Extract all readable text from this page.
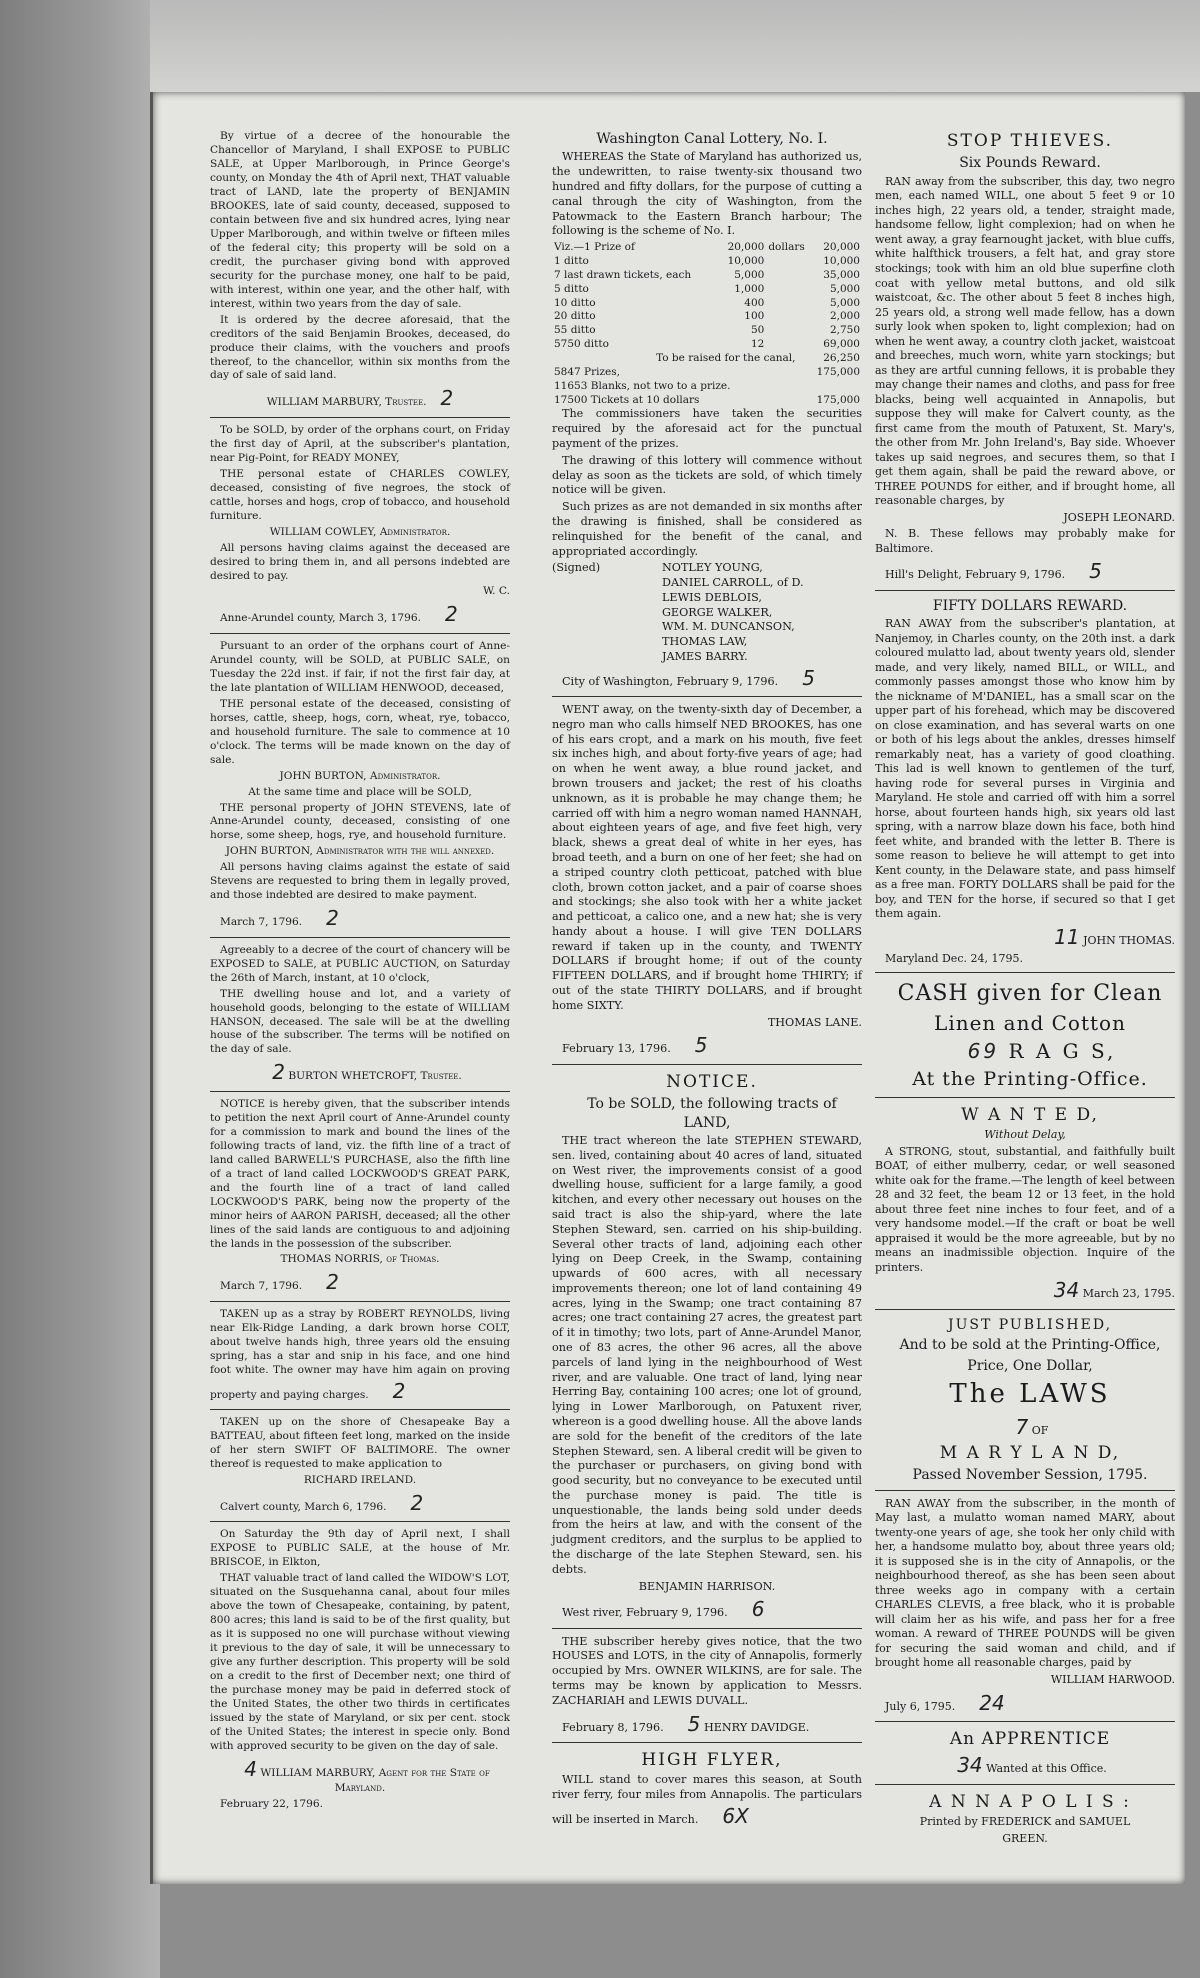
By virtue of a decree of the honourable the Chancellor of Maryland, I shall EXPOSE to PUBLIC SALE, at Upper Marlborough, in Prince George's county, on Monday the 4th of April next, THAT valuable tract of LAND, late the property of BENJAMIN BROOKES, late of said county, deceased, supposed to contain between five and six hundred acres, lying near Upper Marlborough, and within twelve or fifteen miles of the federal city; this property will be sold on a credit, the purchaser giving bond with approved security for the purchase money, one half to be paid, with interest, within one year, and the other half, with interest, within two years from the day of sale.

It is ordered by the decree aforesaid, that the creditors of the said Benjamin Brookes, deceased, do produce their claims, with the vouchers and proofs thereof, to the chancellor, within six months from the day of sale of said land.

WILLIAM MARBURY, Trustee. 2

To be SOLD, by order of the orphans court, on Friday the first day of April, at the subscriber's plantation, near Pig-Point, for READY MONEY,

THE personal estate of CHARLES COWLEY, deceased, consisting of five negroes, the stock of cattle, horses and hogs, crop of tobacco, and household furniture.

WILLIAM COWLEY, Administrator.

All persons having claims against the deceased are desired to bring them in, and all persons indebted are desired to pay.

W. C.

Anne-Arundel county, March 3, 1796. 2

Pursuant to an order of the orphans court of Anne-Arundel county, will be SOLD, at PUBLIC SALE, on Tuesday the 22d inst. if fair, if not the first fair day, at the late plantation of WILLIAM HENWOOD, deceased,

THE personal estate of the deceased, consisting of horses, cattle, sheep, hogs, corn, wheat, rye, tobacco, and household furniture. The sale to commence at 10 o'clock. The terms will be made known on the day of sale.

JOHN BURTON, Administrator.

At the same time and place will be SOLD,

THE personal property of JOHN STEVENS, late of Anne-Arundel county, deceased, consisting of one horse, some sheep, hogs, rye, and household furniture.

JOHN BURTON, Administrator with the will annexed.

All persons having claims against the estate of said Stevens are requested to bring them in legally proved, and those indebted are desired to make payment.

March 7, 1796. 2

Agreeably to a decree of the court of chancery will be EXPOSED to SALE, at PUBLIC AUCTION, on Saturday the 26th of March, instant, at 10 o'clock,

THE dwelling house and lot, and a variety of household goods, belonging to the estate of WILLIAM HANSON, deceased. The sale will be at the dwelling house of the subscriber. The terms will be notified on the day of sale.

2 BURTON WHETCROFT, Trustee.

NOTICE is hereby given, that the subscriber intends to petition the next April court of Anne-Arundel county for a commission to mark and bound the lines of the following tracts of land, viz. the fifth line of a tract of land called BARWELL'S PURCHASE, also the fifth line of a tract of land called LOCKWOOD'S GREAT PARK, and the fourth line of a tract of land called LOCKWOOD'S PARK, being now the property of the minor heirs of AARON PARISH, deceased; all the other lines of the said lands are contiguous to and adjoining the lands in the possession of the subscriber.

THOMAS NORRIS, of Thomas.

March 7, 1796. 2

TAKEN up as a stray by ROBERT REYNOLDS, living near Elk-Ridge Landing, a dark brown horse COLT, about twelve hands high, three years old the ensuing spring, has a star and snip in his face, and one hind foot white. The owner may have him again on proving property and paying charges. 2

TAKEN up on the shore of Chesapeake Bay a BATTEAU, about fifteen feet long, marked on the inside of her stern SWIFT OF BALTIMORE. The owner thereof is requested to make application to

RICHARD IRELAND.

Calvert county, March 6, 1796. 2

On Saturday the 9th day of April next, I shall EXPOSE to PUBLIC SALE, at the house of Mr. BRISCOE, in Elkton,

THAT valuable tract of land called the WIDOW'S LOT, situated on the Susquehanna canal, about four miles above the town of Chesapeake, containing, by patent, 800 acres; this land is said to be of the first quality, but as it is supposed no one will purchase without viewing it previous to the day of sale, it will be unnecessary to give any further description. This property will be sold on a credit to the first of December next; one third of the purchase money may be paid in deferred stock of the United States, the other two thirds in certificates issued by the state of Maryland, or six per cent. stock of the United States; the interest in specie only. Bond with approved security to be given on the day of sale.

4 WILLIAM MARBURY, Agent for the State of Maryland.

February 22, 1796.

Washington Canal Lottery, No. I.

WHEREAS the State of Maryland has authorized us, the undewritten, to raise twenty-six thousand two hundred and fifty dollars, for the purpose of cutting a canal through the city of Washington, from the Patowmack to the Eastern Branch harbour; The following is the scheme of No. I.

Viz.—1 Prize of	20,000	dollars	20,000
1 ditto	10,000		10,000
7 last drawn tickets, each	5,000		35,000
5 ditto	1,000		5,000
10 ditto	400		5,000
20 ditto	100		2,000
55 ditto	50		2,750
5750 ditto	12		69,000
To be raised for the canal,	26,250
5847 Prizes,	175,000
11653 Blanks, not two to a prize.	
17500 Tickets at 10 dollars	175,000

The commissioners have taken the securities required by the aforesaid act for the punctual payment of the prizes.

The drawing of this lottery will commence without delay as soon as the tickets are sold, of which timely notice will be given.

Such prizes as are not demanded in six months after the drawing is finished, shall be considered as relinquished for the benefit of the canal, and appropriated accordingly.

(Signed)	NOTLEY YOUNG,
DANIEL CARROLL, of D.
LEWIS DEBLOIS,
GEORGE WALKER,
WM. M. DUNCANSON,
THOMAS LAW,
JAMES BARRY.

City of Washington, February 9, 1796. 5

WENT away, on the twenty-sixth day of December, a negro man who calls himself NED BROOKES, has one of his ears cropt, and a mark on his mouth, five feet six inches high, and about forty-five years of age; had on when he went away, a blue round jacket, and brown trousers and jacket; the rest of his cloaths unknown, as it is probable he may change them; he carried off with him a negro woman named HANNAH, about eighteen years of age, and five feet high, very black, shews a great deal of white in her eyes, has broad teeth, and a burn on one of her feet; she had on a striped country cloth petticoat, patched with blue cloth, brown cotton jacket, and a pair of coarse shoes and stockings; she also took with her a white jacket and petticoat, a calico one, and a new hat; she is very handy about a house. I will give TEN DOLLARS reward if taken up in the county, and TWENTY DOLLARS if brought home; if out of the county FIFTEEN DOLLARS, and if brought home THIRTY; if out of the state THIRTY DOLLARS, and if brought home SIXTY.

THOMAS LANE.

February 13, 1796. 5

NOTICE.

To be SOLD, the following tracts of LAND,

THE tract whereon the late STEPHEN STEWARD, sen. lived, containing about 40 acres of land, situated on West river, the improvements consist of a good dwelling house, sufficient for a large family, a good kitchen, and every other necessary out houses on the said tract is also the ship-yard, where the late Stephen Steward, sen. carried on his ship-building. Several other tracts of land, adjoining each other lying on Deep Creek, in the Swamp, containing upwards of 600 acres, with all necessary improvements thereon; one lot of land containing 49 acres, lying in the Swamp; one tract containing 87 acres; one tract containing 27 acres, the greatest part of it in timothy; two lots, part of Anne-Arundel Manor, one of 83 acres, the other 96 acres, all the above parcels of land lying in the neighbourhood of West river, and are valuable. One tract of land, lying near Herring Bay, containing 100 acres; one lot of ground, lying in Lower Marlborough, on Patuxent river, whereon is a good dwelling house. All the above lands are sold for the benefit of the creditors of the late Stephen Steward, sen. A liberal credit will be given to the purchaser or purchasers, on giving bond with good security, but no conveyance to be executed until the purchase money is paid. The title is unquestionable, the lands being sold under deeds from the heirs at law, and with the consent of the judgment creditors, and the surplus to be applied to the discharge of the late Stephen Steward, sen. his debts.

BENJAMIN HARRISON.

West river, February 9, 1796. 6

THE subscriber hereby gives notice, that the two HOUSES and LOTS, in the city of Annapolis, formerly occupied by Mrs. OWNER WILKINS, are for sale. The terms may be known by application to Messrs. ZACHARIAH and LEWIS DUVALL.

February 8, 1796. 5 HENRY DAVIDGE.

HIGH FLYER,

WILL stand to cover mares this season, at South river ferry, four miles from Annapolis. The particulars will be inserted in March. 6X

STOP THIEVES.

Six Pounds Reward.

RAN away from the subscriber, this day, two negro men, each named WILL, one about 5 feet 9 or 10 inches high, 22 years old, a tender, straight made, handsome fellow, light complexion; had on when he went away, a gray fearnought jacket, with blue cuffs, white halfthick trousers, a felt hat, and gray store stockings; took with him an old blue superfine cloth coat with yellow metal buttons, and old silk waistcoat, &c. The other about 5 feet 8 inches high, 25 years old, a strong well made fellow, has a down surly look when spoken to, light complexion; had on when he went away, a country cloth jacket, waistcoat and breeches, much worn, white yarn stockings; but as they are artful cunning fellows, it is probable they may change their names and cloths, and pass for free blacks, being well acquainted in Annapolis, but suppose they will make for Calvert county, as the first came from the mouth of Patuxent, St. Mary's, the other from Mr. John Ireland's, Bay side. Whoever takes up said negroes, and secures them, so that I get them again, shall be paid the reward above, or THREE POUNDS for either, and if brought home, all reasonable charges, by

JOSEPH LEONARD.

N. B. These fellows may probably make for Baltimore.

Hill's Delight, February 9, 1796. 5

FIFTY DOLLARS REWARD.

RAN AWAY from the subscriber's plantation, at Nanjemoy, in Charles county, on the 20th inst. a dark coloured mulatto lad, about twenty years old, slender made, and very likely, named BILL, or WILL, and commonly passes amongst those who know him by the nickname of M'DANIEL, has a small scar on the upper part of his forehead, which may be discovered on close examination, and has several warts on one or both of his legs about the ankles, dresses himself remarkably neat, has a variety of good cloathing. This lad is well known to gentlemen of the turf, having rode for several purses in Virginia and Maryland. He stole and carried off with him a sorrel horse, about fourteen hands high, six years old last spring, with a narrow blaze down his face, both hind feet white, and branded with the letter B. There is some reason to believe he will attempt to get into Kent county, in the Delaware state, and pass himself as a free man. FORTY DOLLARS shall be paid for the boy, and TEN for the horse, if secured so that I get them again.

11 JOHN THOMAS.

Maryland Dec. 24, 1795.

CASH given for Clean

Linen and Cotton

69 R A G S,

At the Printing-Office.

W A N T E D,

Without Delay,

A STRONG, stout, substantial, and faithfully built BOAT, of either mulberry, cedar, or well seasoned white oak for the frame.—The length of keel between 28 and 32 feet, the beam 12 or 13 feet, in the hold about three feet nine inches to four feet, and of a very handsome model.—If the craft or boat be well appraised it would be the more agreeable, but by no means an inadmissible objection. Inquire of the printers.

34 March 23, 1795.

JUST PUBLISHED,

And to be sold at the Printing-Office,

Price, One Dollar,

The LAWS

7 OF

M A R Y L A N D,

Passed November Session, 1795.

RAN AWAY from the subscriber, in the month of May last, a mulatto woman named MARY, about twenty-one years of age, she took her only child with her, a handsome mulatto boy, about three years old; it is supposed she is in the city of Annapolis, or the neighbourhood thereof, as she has been seen about three weeks ago in company with a certain CHARLES CLEVIS, a free black, who it is probable will claim her as his wife, and pass her for a free woman. A reward of THREE POUNDS will be given for securing the said woman and child, and if brought home all reasonable charges, paid by

WILLIAM HARWOOD.

July 6, 1795. 24

An APPRENTICE

34 Wanted at this Office.

A N N A P O L I S :

Printed by FREDERICK and SAMUEL

GREEN.
